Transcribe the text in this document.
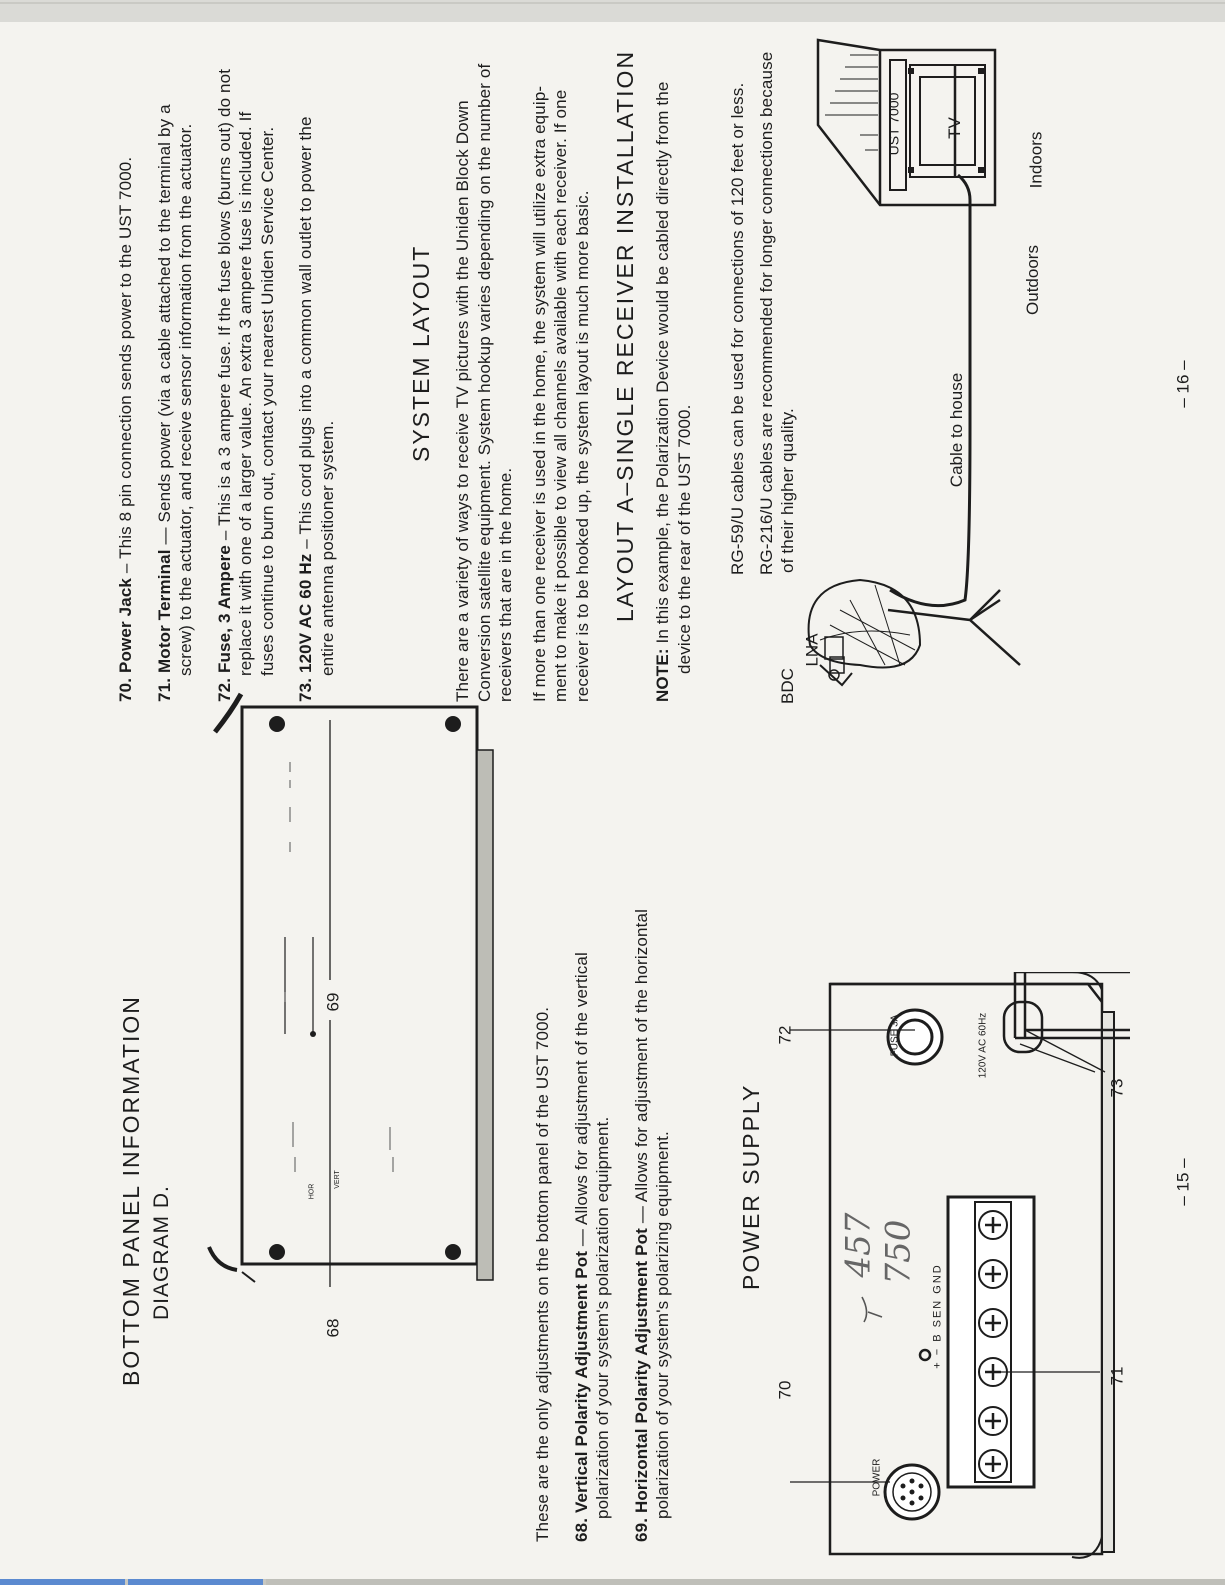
DIAGRAM D.
BOTTOM PANEL INFORMATION	68
69
HOR
VERT	These are the only adjustments on the bottom panel of the UST 7000. 68. Vertical Polarity Adjustment Pot — Allows for adjustment of the vertical

polarization of your system's polarization equipment.

69. Horizontal Polarity Adjustment Pot — Allows for adjustment of the horizontal

polarization of your system's polarizing equipment.	POWER SUPPLY
70
71
72
73
POWER
FUSE 3A	120V AC 60Hz
+ − B SEN GND
457 750
– 15 –

70. Power Jack – This 8 pin connection sends power to the UST 7000.

71. Motor Terminal — Sends power (via a cable attached to the terminal by a screw) to the actuator, and receive sensor information from the actuator.

72. Fuse, 3 Ampere – This is a 3 ampere fuse. If the fuse blows (burns out) do not replace it with one of a larger value. An extra 3 ampere fuse is included. If fuses continue to burn out, contact your nearest Uniden Service Center.

73. 120V AC 60 Hz – This cord plugs into a common wall outlet to power the entire antenna positioner system.

SYSTEM LAYOUT There are a variety of ways to receive TV pictures with the Uniden Block Down Conversion satellite equipment. System hookup varies depending on the number of receivers that are in the home. If more than one receiver is used in the home, the system will utilize extra equip- ment to make it possible to view all channels available with each receiver. If one receiver is to be hooked up, the system layout is much more basic. LAYOUT A–SINGLE RECEIVER INSTALLATION

NOTE: In this example, the Polarization Device would be cabled directly from the device to the rear of the UST 7000. RG-59/U cables can be used for connections of 120 feet or less. RG-216/U cables are recommended for longer connections because of their higher quality.

BDC
LNA
Cable to house
Outdoors
Indoors
TV
UST 7000
– 16 –
